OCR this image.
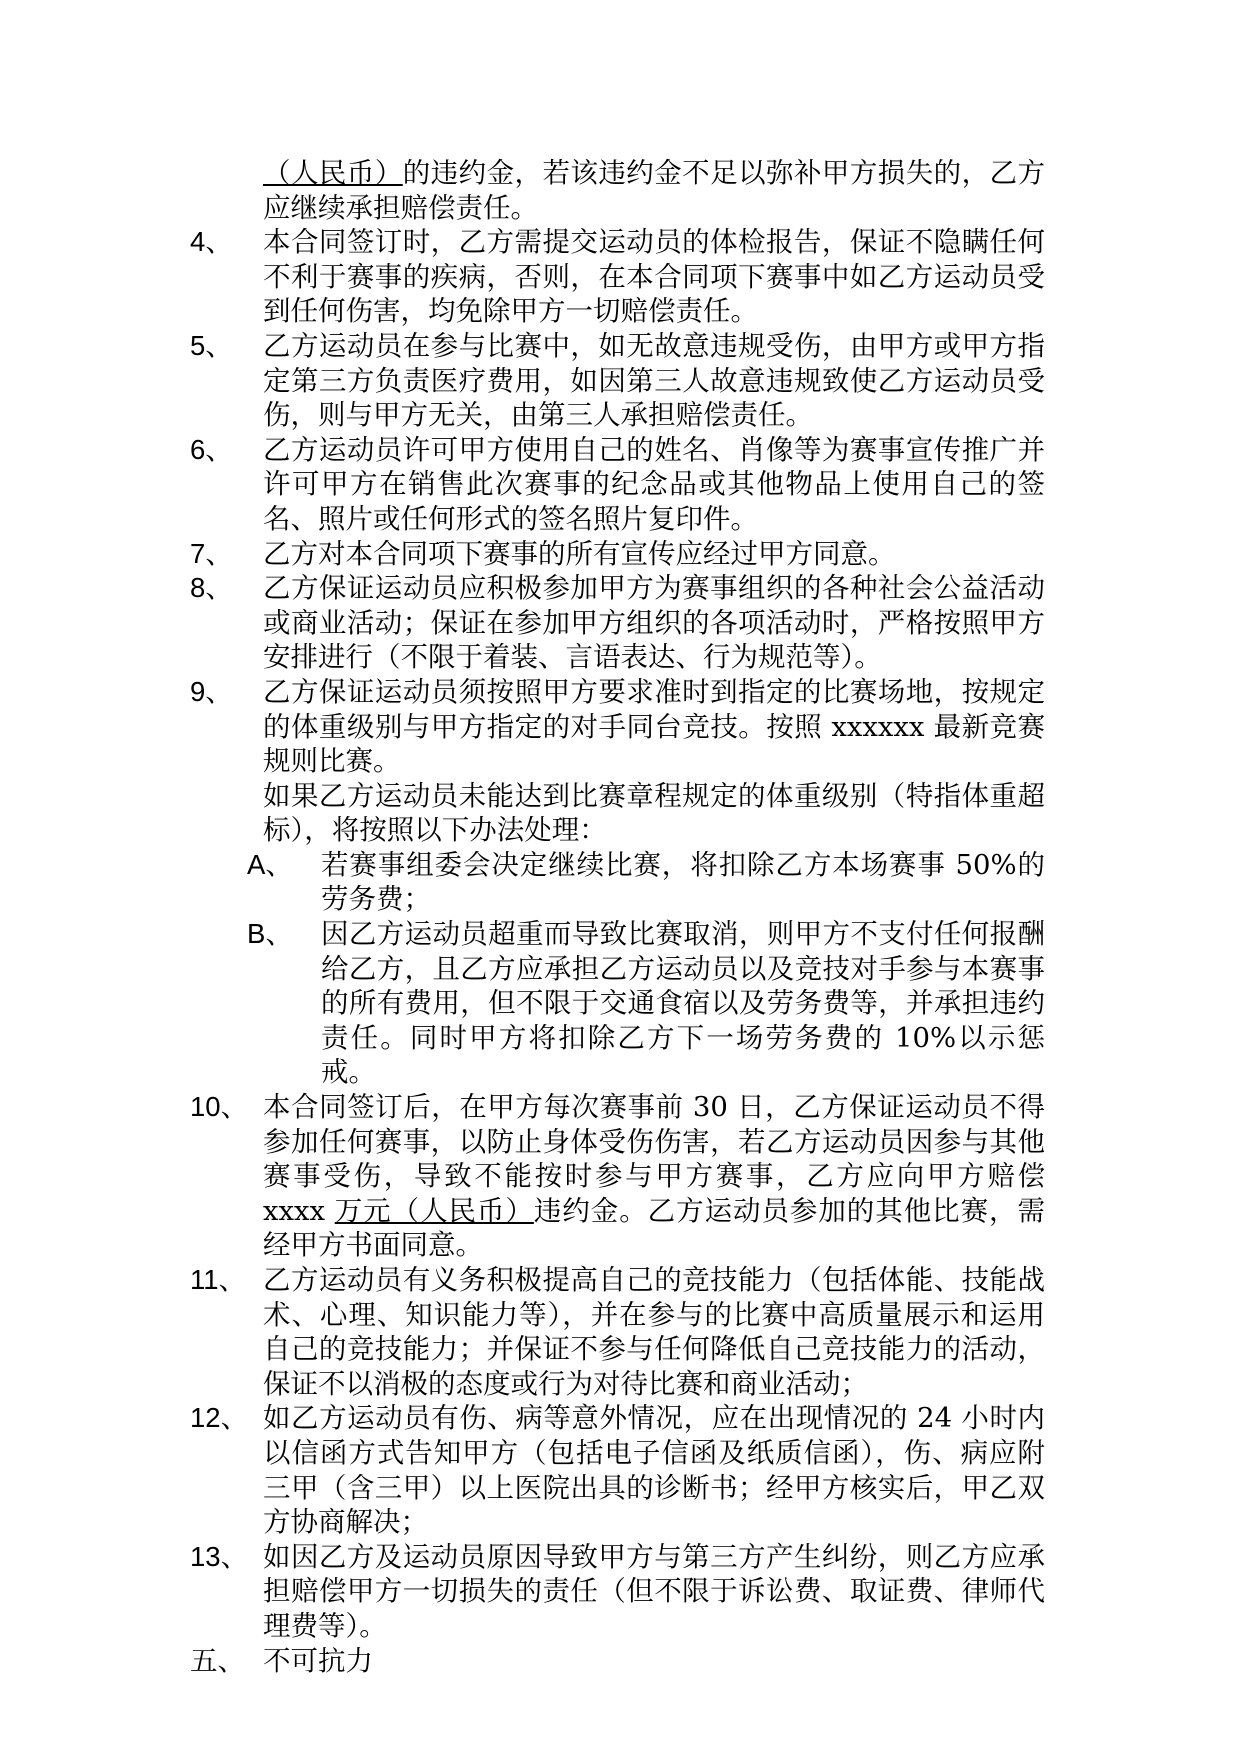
（人民币）的违约金，若该违约金不足以弥补甲方损失的，乙方应继续承担赔偿责任。
4、 本合同签订时，乙方需提交运动员的体检报告，保证不隐瞒任何不利于赛事的疾病，否则，在本合同项下赛事中如乙方运动员受到任何伤害，均免除甲方一切赔偿责任。
5、 乙方运动员在参与比赛中，如无故意违规受伤，由甲方或甲方指定第三方负责医疗费用，如因第三人故意违规致使乙方运动员受伤，则与甲方无关，由第三人承担赔偿责任。
6、 乙方运动员许可甲方使用自己的姓名、肖像等为赛事宣传推广并许可甲方在销售此次赛事的纪念品或其他物品上使用自己的签名、照片或任何形式的签名照片复印件。
7、 乙方对本合同项下赛事的所有宣传应经过甲方同意。
8、 乙方保证运动员应积极参加甲方为赛事组织的各种社会公益活动或商业活动；保证在参加甲方组织的各项活动时，严格按照甲方安排进行（不限于着装、言语表达、行为规范等）。
9、 乙方保证运动员须按照甲方要求准时到指定的比赛场地，按规定的体重级别与甲方指定的对手同台竞技。按照 xxxxxx 最新竞赛规则比赛。
如果乙方运动员未能达到比赛章程规定的体重级别（特指体重超标），将按照以下办法处理：
A、 若赛事组委会决定继续比赛，将扣除乙方本场赛事 50%的劳务费；
B、 因乙方运动员超重而导致比赛取消，则甲方不支付任何报酬给乙方，且乙方应承担乙方运动员以及竞技对手参与本赛事的所有费用，但不限于交通食宿以及劳务费等，并承担违约责任。同时甲方将扣除乙方下一场劳务费的 10%以示惩戒。
10、 本合同签订后，在甲方每次赛事前 30 日，乙方保证运动员不得参加任何赛事，以防止身体受伤伤害，若乙方运动员因参与其他赛事受伤，导致不能按时参与甲方赛事，乙方应向甲方赔偿 xxxx 万元（人民币）违约金。乙方运动员参加的其他比赛，需经甲方书面同意。
11、 乙方运动员有义务积极提高自己的竞技能力（包括体能、技能战术、心理、知识能力等），并在参与的比赛中高质量展示和运用自己的竞技能力；并保证不参与任何降低自己竞技能力的活动，保证不以消极的态度或行为对待比赛和商业活动；
12、 如乙方运动员有伤、病等意外情况，应在出现情况的 24 小时内以信函方式告知甲方（包括电子信函及纸质信函），伤、病应附三甲（含三甲）以上医院出具的诊断书；经甲方核实后，甲乙双方协商解决；
13、 如因乙方及运动员原因导致甲方与第三方产生纠纷，则乙方应承担赔偿甲方一切损失的责任（但不限于诉讼费、取证费、律师代理费等）。
五、 不可抗力
